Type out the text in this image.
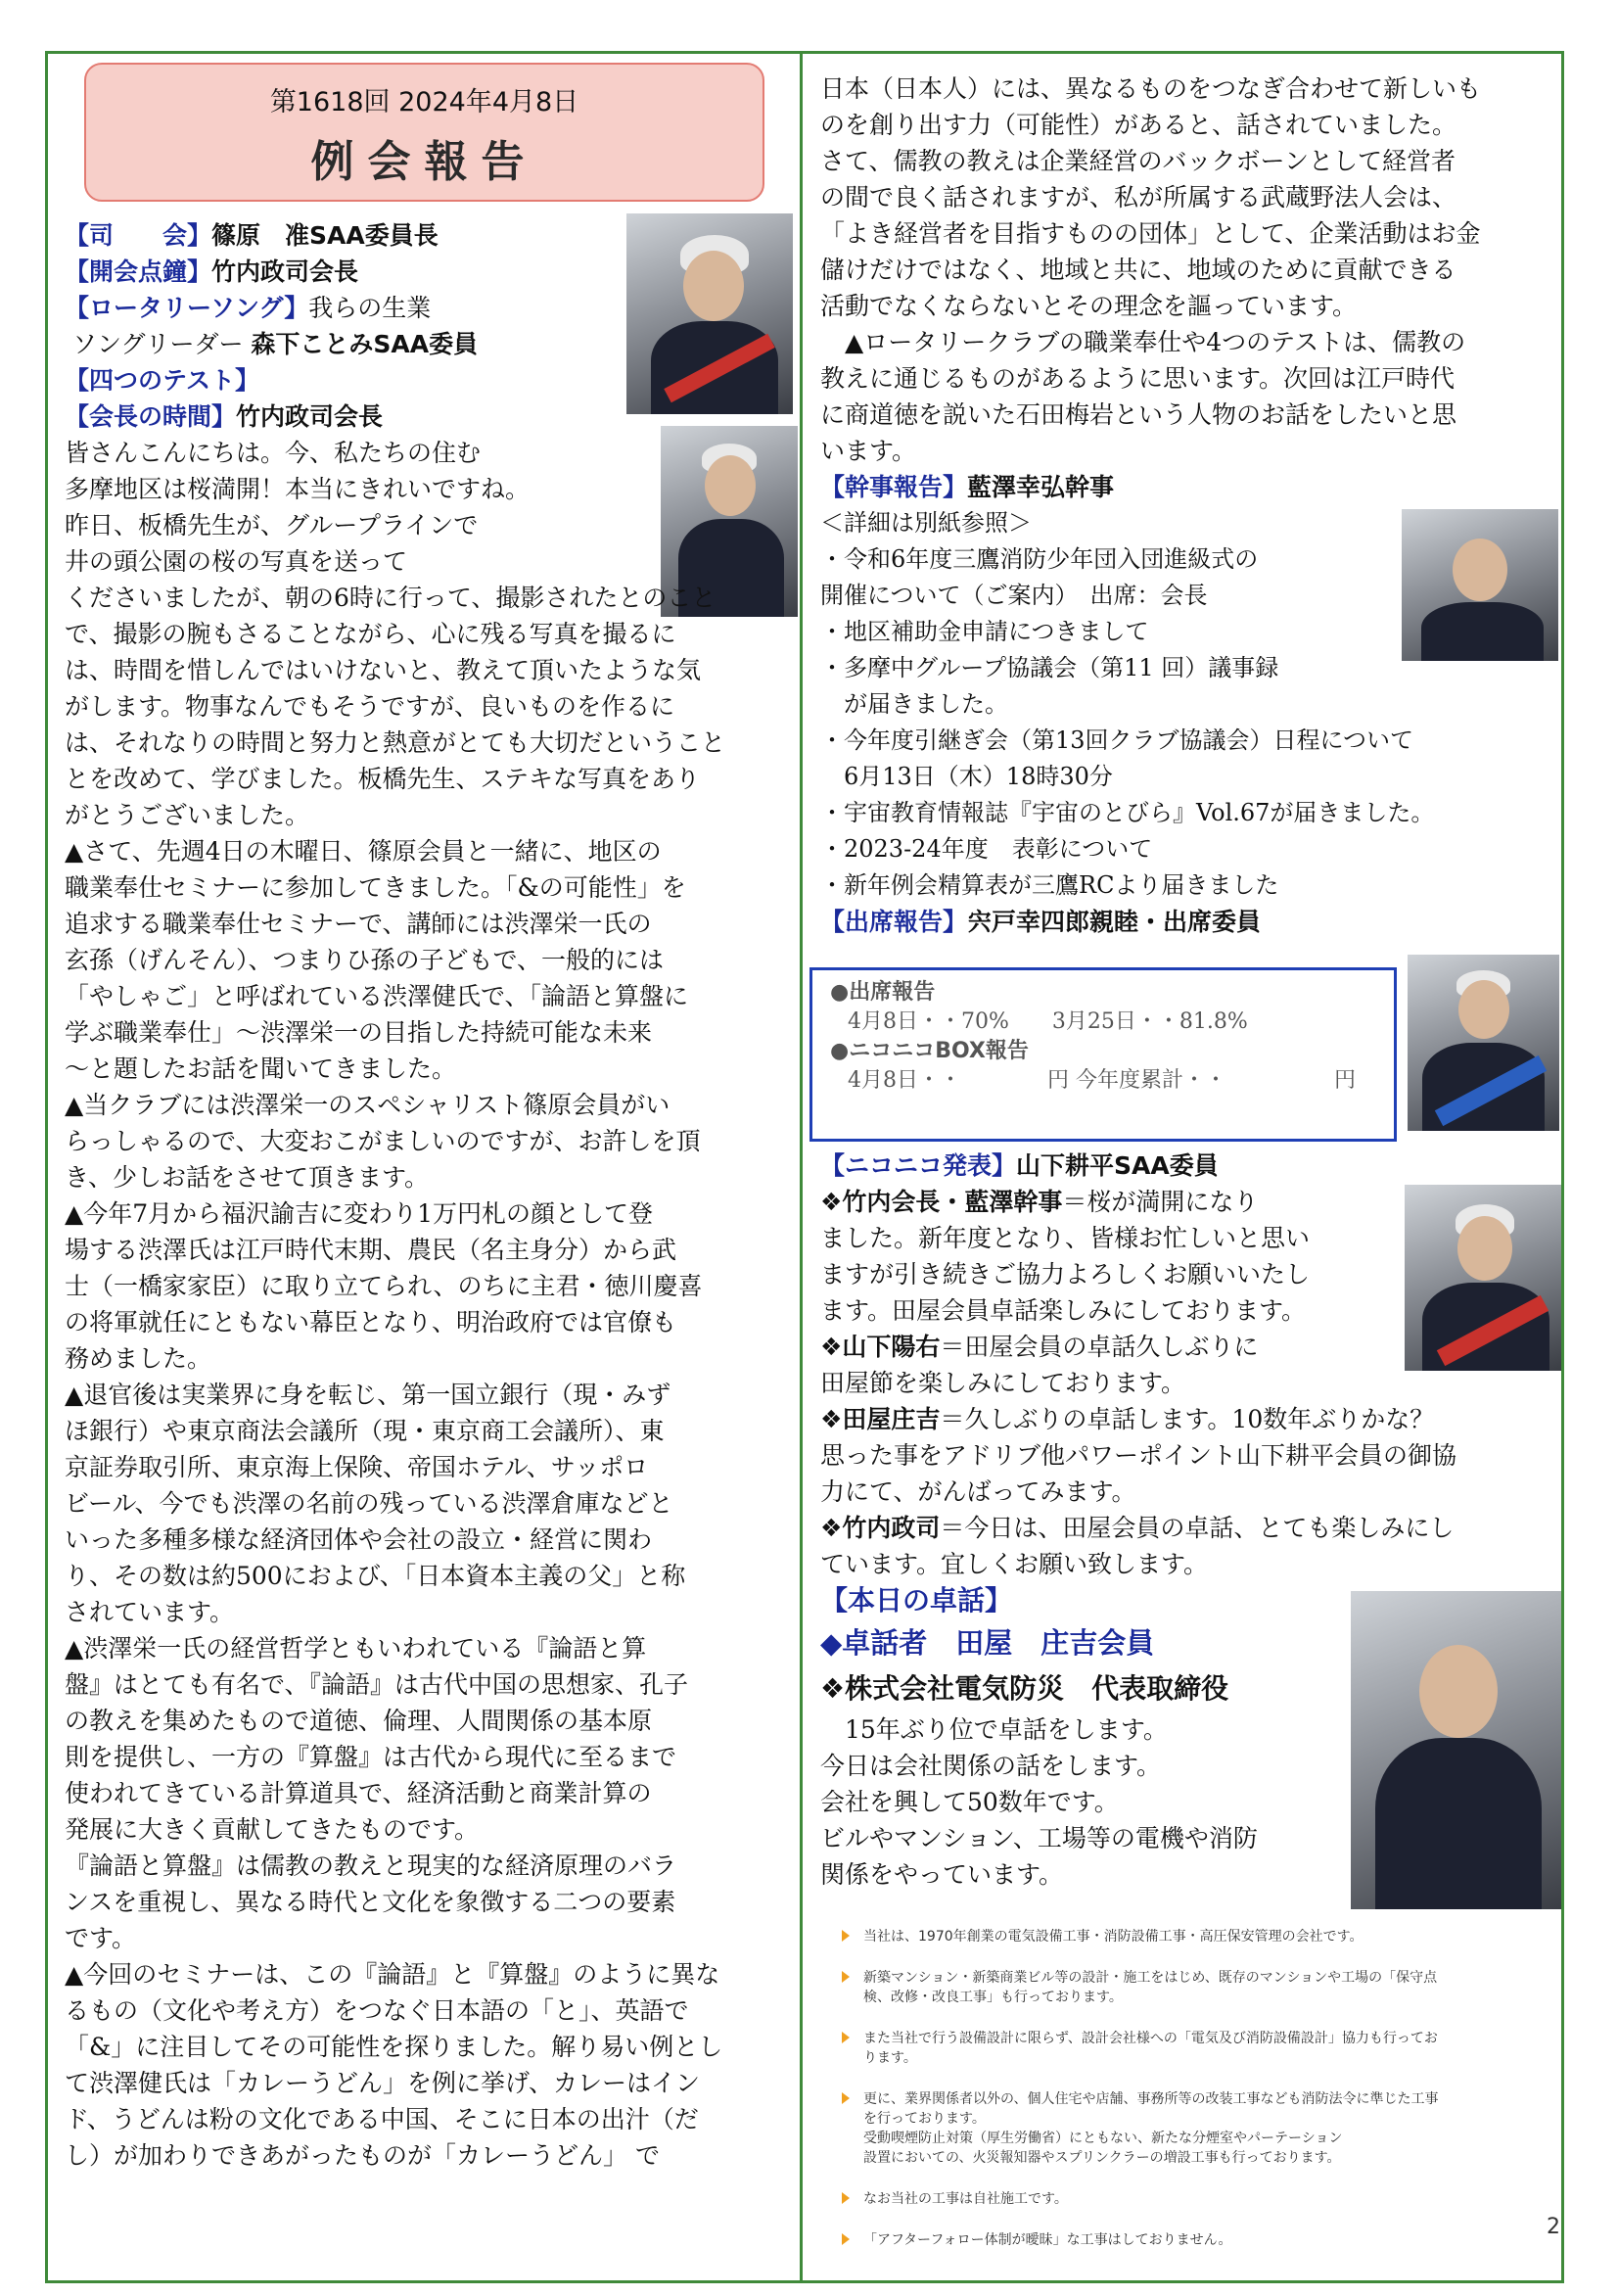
第1618回 2024年4月8日
例会報告

【司　　会】篠原　准SAA委員長

【開会点鐘】竹内政司会長

【ロータリーソング】我らの生業

ソングリーダー 森下ことみSAA委員

【四つのテスト】

【会長の時間】竹内政司会長

皆さんこんにちは。今、私たちの住む

多摩地区は桜満開！本当にきれいですね。

昨日、板橋先生が、グループラインで

井の頭公園の桜の写真を送って

くださいましたが、朝の6時に行って、撮影されたとのこと

で、撮影の腕もさることながら、心に残る写真を撮るに

は、時間を惜しんではいけないと、教えて頂いたような気

がします。物事なんでもそうですが、良いものを作るに

は、それなりの時間と努力と熱意がとても大切だということ

とを改めて、学びました。板橋先生、ステキな写真をあり

がとうございました。

▲さて、先週4日の木曜日、篠原会員と一緒に、地区の

職業奉仕セミナーに参加してきました。「&の可能性」を

追求する職業奉仕セミナーで、講師には渋澤栄一氏の

玄孫（げんそん）、つまりひ孫の子どもで、一般的には

「やしゃご」と呼ばれている渋澤健氏で、「論語と算盤に

学ぶ職業奉仕」～渋澤栄一の目指した持続可能な未来

～と題したお話を聞いてきました。

▲当クラブには渋澤栄一のスペシャリスト篠原会員がい

らっしゃるので、大変おこがましいのですが、お許しを頂

き、少しお話をさせて頂きます。

▲今年7月から福沢諭吉に変わり1万円札の顔として登

場する渋澤氏は江戸時代末期、農民（名主身分）から武

士（一橋家家臣）に取り立てられ、のちに主君・徳川慶喜

の将軍就任にともない幕臣となり、明治政府では官僚も

務めました。

▲退官後は実業界に身を転じ、第一国立銀行（現・みず

ほ銀行）や東京商法会議所（現・東京商工会議所）、東

京証券取引所、東京海上保険、帝国ホテル、サッポロ

ビール、今でも渋澤の名前の残っている渋澤倉庫などと

いった多種多様な経済団体や会社の設立・経営に関わ

り、その数は約500におよび、「日本資本主義の父」と称

されています。

▲渋澤栄一氏の経営哲学ともいわれている『論語と算

盤』はとても有名で、『論語』は古代中国の思想家、孔子

の教えを集めたもので道徳、倫理、人間関係の基本原

則を提供し、一方の『算盤』は古代から現代に至るまで

使われてきている計算道具で、経済活動と商業計算の

発展に大きく貢献してきたものです。

『論語と算盤』は儒教の教えと現実的な経済原理のバラ

ンスを重視し、異なる時代と文化を象徴する二つの要素

です。

▲今回のセミナーは、この『論語』と『算盤』のように異な

るもの（文化や考え方）をつなぐ日本語の「と」、英語で

「&」に注目してその可能性を探りました。解り易い例とし

て渋澤健氏は「カレーうどん」を例に挙げ、カレーはイン

ド、うどんは粉の文化である中国、そこに日本の出汁（だ

し）が加わりできあがったものが「カレーうどん」 で

日本（日本人）には、異なるものをつなぎ合わせて新しいも

のを創り出す力（可能性）があると、話されていました。

さて、儒教の教えは企業経営のバックボーンとして経営者

の間で良く話されますが、私が所属する武蔵野法人会は、

「よき経営者を目指すものの団体」として、企業活動はお金

儲けだけではなく、地域と共に、地域のために貢献できる

活動でなくならないとその理念を謳っています。

　▲ロータリークラブの職業奉仕や4つのテストは、儒教の

教えに通じるものがあるように思います。次回は江戸時代

に商道徳を説いた石田梅岩という人物のお話をしたいと思

います。

【幹事報告】藍澤幸弘幹事

＜詳細は別紙参照＞

・令和6年度三鷹消防少年団入団進級式の

開催について（ご案内）　出席：会長

・地区補助金申請につきまして

・多摩中グループ協議会（第11 回）議事録

　が届きました。

・今年度引継ぎ会（第13回クラブ協議会）日程について

　6月13日（木）18時30分

・宇宙教育情報誌『宇宙のとびら』Vol.67が届きました。

・2023-24年度　表彰について

・新年例会精算表が三鷹RCより届きました

【出席報告】宍戸幸四郎親睦・出席委員

●出席報告
4月8日・・70%　　3月25日・・81.8%
●ニコニコBOX報告
4月8日・・　　　　円 今年度累計・・　　　　　円

【ニコニコ発表】山下耕平SAA委員

❖竹内会長・藍澤幹事＝桜が満開になり

ました。新年度となり、皆様お忙しいと思い

ますが引き続きご協力よろしくお願いいたし

ます。田屋会員卓話楽しみにしております。

❖山下陽右＝田屋会員の卓話久しぶりに

田屋節を楽しみにしております。

❖田屋庄吉＝久しぶりの卓話します。10数年ぶりかな？

思った事をアドリブ他パワーポイント山下耕平会員の御協

力にて、がんばってみます。

❖竹内政司＝今日は、田屋会員の卓話、とても楽しみにし

ています。宜しくお願い致します。

【本日の卓話】

◆卓話者　田屋　庄吉会員

❖株式会社電気防災　代表取締役

　15年ぶり位で卓話をします。

今日は会社関係の話をします。

会社を興して50数年です。

ビルやマンション、工場等の電機や消防

関係をやっています。

当社は、1970年創業の電気設備工事・消防設備工事・高圧保安管理の会社です。
新築マンション・新築商業ビル等の設計・施工をはじめ、既存のマンションや工場の「保守点
検、改修・改良工事」も行っております。
また当社で行う設備設計に限らず、設計会社様への「電気及び消防設備設計」協力も行ってお
ります。
更に、業界関係者以外の、個人住宅や店舗、事務所等の改装工事なども消防法令に準じた工事
を行っております。
受動喫煙防止対策（厚生労働省）にともない、新たな分煙室やパーテーション
設置においての、火災報知器やスプリンクラーの増設工事も行っております。
なお当社の工事は自社施工です。
「アフターフォロー体制が曖昧」な工事はしておりません。
2
